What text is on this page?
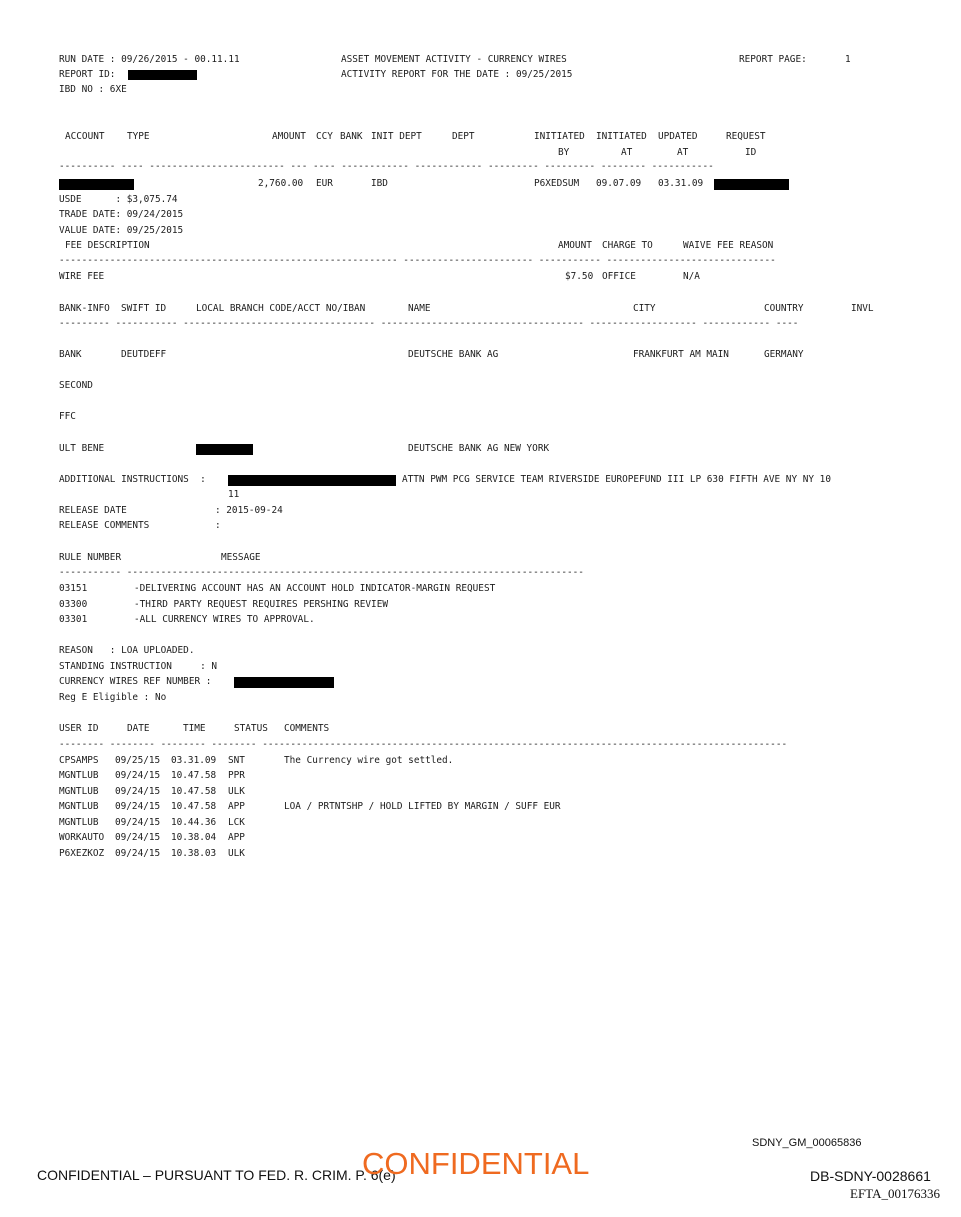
RUN DATE : 09/26/2015 - 00.11.11
REPORT ID:
IBD NO : 6XE
ASSET MOVEMENT ACTIVITY - CURRENCY WIRES
ACTIVITY REPORT FOR THE DATE : 09/25/2015
REPORT PAGE:	1
ACCOUNT TYPE	AMOUNT CCY BANK INIT DEPT	DEPT	INITIATED INITIATED UPDATED	REQUEST
BY	AT	AT	ID
---------- ---- ------------------------ --- ---- ------------ ------------ --------- --------- -------- -----------
2,760.00 EUR	IBD	P6XEDSUM 09.07.09 03.31.09
USDE      : $3,075.74
TRADE DATE: 09/24/2015
VALUE DATE: 09/25/2015
FEE DESCRIPTION	AMOUNT CHARGE TO	WAIVE FEE REASON
------------------------------------------------------------ ----------------------- ----------- ------------------------------
WIRE FEE	$7.50 OFFICE	N/A
BANK-INFO SWIFT ID	LOCAL BRANCH CODE/ACCT NO/IBAN	NAME	CITY	COUNTRY	INVL
--------- ----------- ---------------------------------- ------------------------------------ ------------------- ------------ ----
BANK	DEUTDEFF	DEUTSCHE BANK AG	FRANKFURT AM MAIN	GERMANY
SECOND
FFC
ULT BENE	DEUTSCHE BANK AG NEW YORK
ADDITIONAL INSTRUCTIONS  :	ATTN PWM PCG SERVICE TEAM RIVERSIDE EUROPEFUND III LP 630 FIFTH AVE NY NY 10
11
RELEASE DATE	: 2015-09-24
RELEASE COMMENTS	:
RULE NUMBER	MESSAGE
----------- ---------------------------------------------------------------------------------
03151	-DELIVERING ACCOUNT HAS AN ACCOUNT HOLD INDICATOR-MARGIN REQUEST
03300	-THIRD PARTY REQUEST REQUIRES PERSHING REVIEW
03301	-ALL CURRENCY WIRES TO APPROVAL.
REASON   : LOA UPLOADED.
STANDING INSTRUCTION     : N
CURRENCY WIRES REF NUMBER :
Reg E Eligible : No
USER ID	DATE	TIME	STATUS COMMENTS
-------- -------- -------- -------- ---------------------------------------------------------------------------------------------
CPSAMPS 09/25/15 03.31.09 SNT	The Currency wire got settled.
MGNTLUB 09/24/15 10.47.58 PPR
MGNTLUB 09/24/15 10.47.58 ULK
MGNTLUB 09/24/15 10.47.58 APP	LOA / PRTNTSHP / HOLD LIFTED BY MARGIN / SUFF EUR
MGNTLUB 09/24/15 10.44.36 LCK
WORKAUTO 09/24/15 10.38.04 APP
P6XEZKOZ 09/24/15 10.38.03 ULK
SDNY_GM_00065836
CONFIDENTIAL – PURSUANT TO FED. R. CRIM. P. 6(e)
CONFIDENTIAL	DB-SDNY-0028661
EFTA_00176336
